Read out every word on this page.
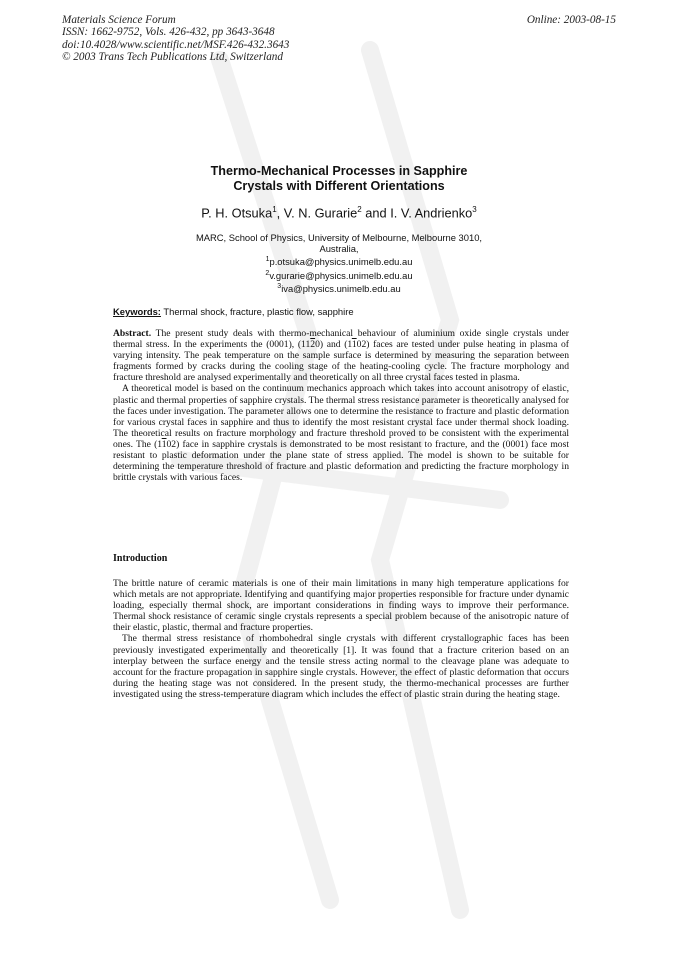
Materials Science Forum
ISSN: 1662-9752, Vols. 426-432, pp 3643-3648
doi:10.4028/www.scientific.net/MSF.426-432.3643
© 2003 Trans Tech Publications Ltd, Switzerland
Online: 2003-08-15
Thermo-Mechanical Processes in Sapphire
Crystals with Different Orientations
P. H. Otsuka$^1$, V. N. Gurarie$^2$ and I. V. Andrienko$^3$
MARC, School of Physics, University of Melbourne, Melbourne 3010,
Australia,
$^1$p.otsuka@physics.unimelb.edu.au
$^2$v.gurarie@physics.unimelb.edu.au
$^3$iva@physics.unimelb.edu.au
Keywords: Thermal shock, fracture, plastic flow, sapphire

Abstract. The present study deals with thermo-mechanical behaviour of aluminium oxide single crystals under thermal stress. In the experiments the (0001), (1120) and (1102) faces are tested under pulse heating in plasma of varying intensity. The peak temperature on the sample surface is determined by measuring the separation between fragments formed by cracks during the cooling stage of the heating-cooling cycle. The fracture morphology and fracture threshold are analysed experimentally and theoretically on all three crystal faces tested in plasma.

A theoretical model is based on the continuum mechanics approach which takes into account anisotropy of elastic, plastic and thermal properties of sapphire crystals. The thermal stress resistance parameter is theoretically analysed for the faces under investigation. The parameter allows one to determine the resistance to fracture and plastic deformation for various crystal faces in sapphire and thus to identify the most resistant crystal face under thermal shock loading. The theoretical results on fracture morphology and fracture threshold proved to be consistent with the experimental ones. The (1102) face in sapphire crystals is demonstrated to be most resistant to fracture, and the (0001) face most resistant to plastic deformation under the plane state of stress applied. The model is shown to be suitable for determining the temperature threshold of fracture and plastic deformation and predicting the fracture morphology in brittle crystals with various faces.

Introduction

The brittle nature of ceramic materials is one of their main limitations in many high temperature applications for which metals are not appropriate. Identifying and quantifying major properties responsible for fracture under dynamic loading, especially thermal shock, are important considerations in finding ways to improve their performance. Thermal shock resistance of ceramic single crystals represents a special problem because of the anisotropic nature of their elastic, plastic, thermal and fracture properties.

The thermal stress resistance of rhombohedral single crystals with different crystallographic faces has been previously investigated experimentally and theoretically [1]. It was found that a fracture criterion based on an interplay between the surface energy and the tensile stress acting normal to the cleavage plane was adequate to account for the fracture propagation in sapphire single crystals. However, the effect of plastic deformation that occurs during the heating stage was not considered. In the present study, the thermo-mechanical processes are further investigated using the stress-temperature diagram which includes the effect of plastic strain during the heating stage.
